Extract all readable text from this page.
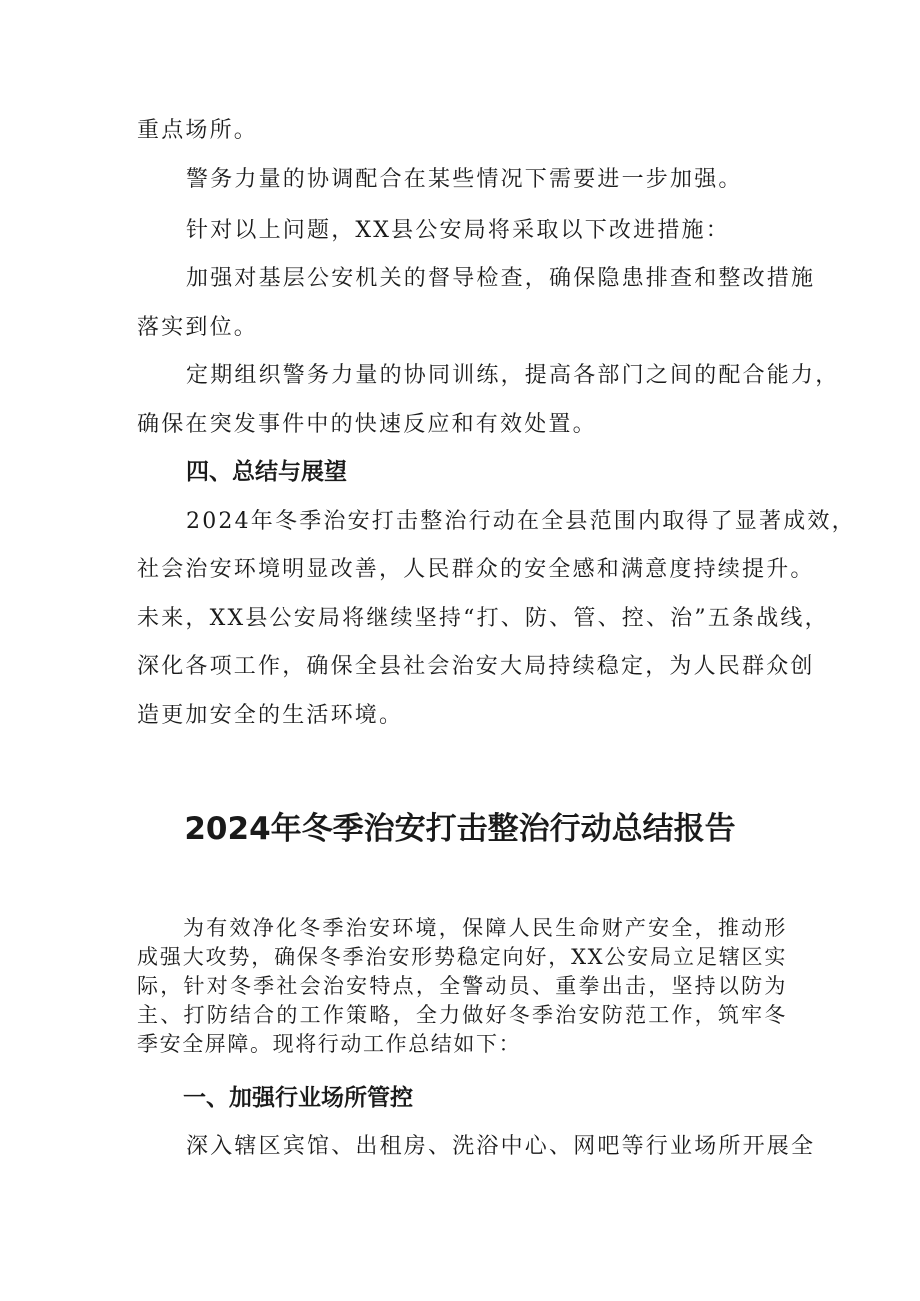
重点场所。

警务力量的协调配合在某些情况下需要进一步加强。

针对以上问题，XX县公安局将采取以下改进措施：

加强对基层公安机关的督导检查，确保隐患排查和整改措施

落实到位。

定期组织警务力量的协同训练，提高各部门之间的配合能力，

确保在突发事件中的快速反应和有效处置。

四、总结与展望

2024年冬季治安打击整治行动在全县范围内取得了显著成效，

社会治安环境明显改善，人民群众的安全感和满意度持续提升。

未来，XX县公安局将继续坚持“打、防、管、控、治”五条战线，

深化各项工作，确保全县社会治安大局持续稳定，为人民群众创

造更加安全的生活环境。

2024年冬季治安打击整治行动总结报告

为有效净化冬季治安环境，保障人民生命财产安全，推动形成强大攻势，确保冬季治安形势稳定向好，XX公安局立足辖区实际，针对冬季社会治安特点，全警动员、重拳出击，坚持以防为主、打防结合的工作策略，全力做好冬季治安防范工作，筑牢冬季安全屏障。现将行动工作总结如下：

一、加强行业场所管控

深入辖区宾馆、出租房、洗浴中心、网吧等行业场所开展全
